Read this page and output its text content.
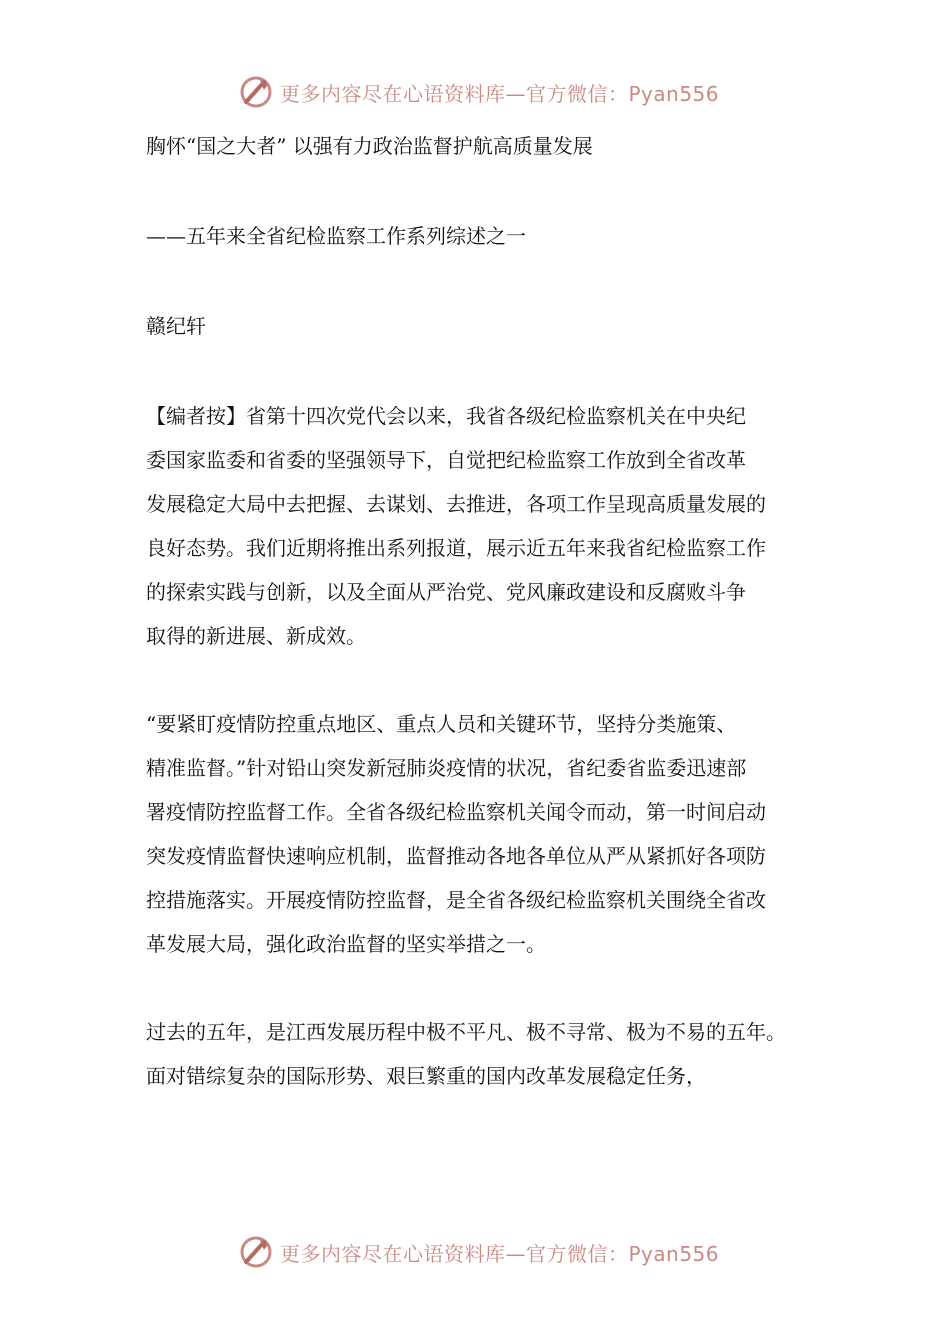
更多内容尽在心语资料库—官方微信：Pyan556

胸怀“国之大者” 以强有力政治监督护航高质量发展

——五年来全省纪检监察工作系列综述之一

赣纪轩

【编者按】省第十四次党代会以来，我省各级纪检监察机关在中央纪

委国家监委和省委的坚强领导下，自觉把纪检监察工作放到全省改革

发展稳定大局中去把握、去谋划、去推进，各项工作呈现高质量发展的

良好态势。我们近期将推出系列报道，展示近五年来我省纪检监察工作

的探索实践与创新，以及全面从严治党、党风廉政建设和反腐败斗争

取得的新进展、新成效。

“要紧盯疫情防控重点地区、重点人员和关键环节，坚持分类施策、

精准监督。”针对铅山突发新冠肺炎疫情的状况，省纪委省监委迅速部

署疫情防控监督工作。全省各级纪检监察机关闻令而动，第一时间启动

突发疫情监督快速响应机制，监督推动各地各单位从严从紧抓好各项防

控措施落实。开展疫情防控监督，是全省各级纪检监察机关围绕全省改

革发展大局，强化政治监督的坚实举措之一。

过去的五年，是江西发展历程中极不平凡、极不寻常、极为不易的五年。

面对错综复杂的国际形势、艰巨繁重的国内改革发展稳定任务，

更多内容尽在心语资料库—官方微信：Pyan556
